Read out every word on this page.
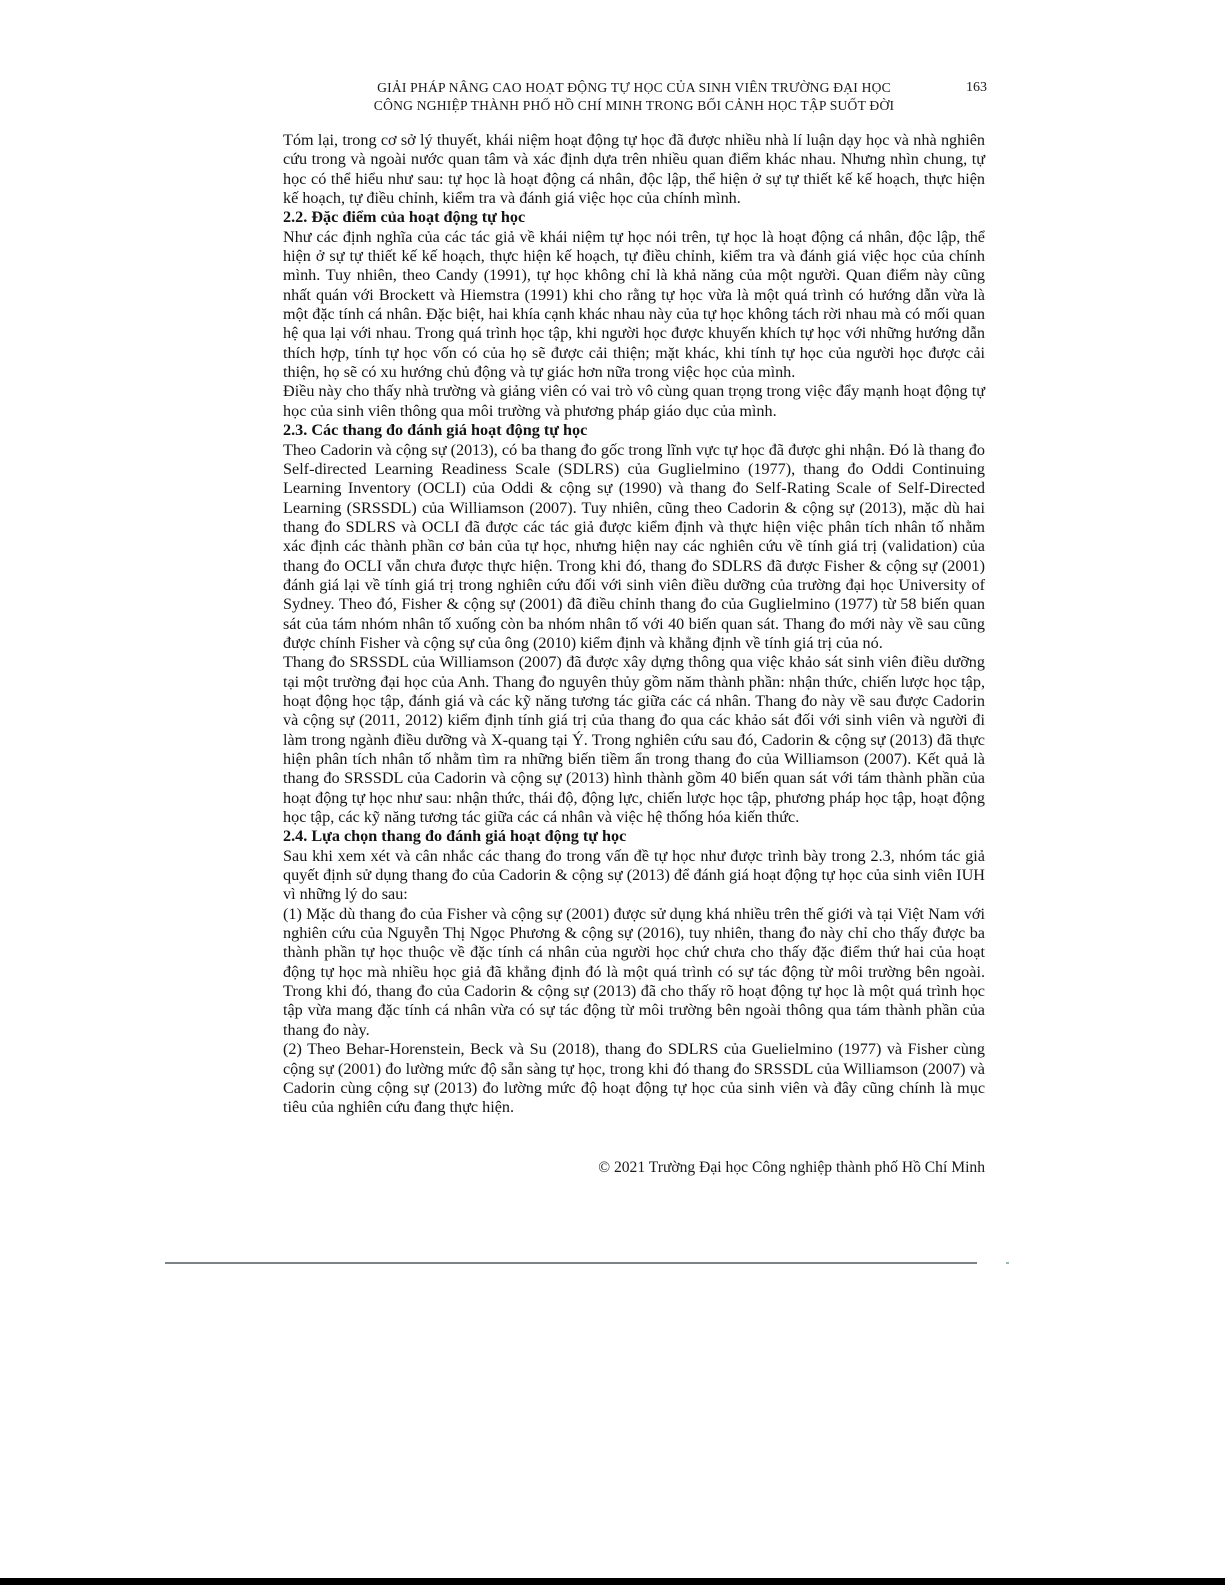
GIẢI PHÁP NÂNG CAO HOẠT ĐỘNG TỰ HỌC CỦA SINH VIÊN TRƯỜNG ĐẠI HỌC
CÔNG NGHIỆP THÀNH PHỐ HỒ CHÍ MINH TRONG BỐI CẢNH HỌC TẬP SUỐT ĐỜI
163

Tóm lại, trong cơ sở lý thuyết, khái niệm hoạt động tự học đã được nhiều nhà lí luận dạy học và nhà nghiên cứu trong và ngoài nước quan tâm và xác định dựa trên nhiều quan điểm khác nhau. Nhưng nhìn chung, tự học có thể hiểu như sau: tự học là hoạt động cá nhân, độc lập, thể hiện ở sự tự thiết kế kế hoạch, thực hiện kế hoạch, tự điều chỉnh, kiểm tra và đánh giá việc học của chính mình.

2.2. Đặc điểm của hoạt động tự học

Như các định nghĩa của các tác giả về khái niệm tự học nói trên, tự học là hoạt động cá nhân, độc lập, thể hiện ở sự tự thiết kế kế hoạch, thực hiện kế hoạch, tự điều chỉnh, kiểm tra và đánh giá việc học của chính mình. Tuy nhiên, theo Candy (1991), tự học không chỉ là khả năng của một người. Quan điểm này cũng nhất quán với Brockett và Hiemstra (1991) khi cho rằng tự học vừa là một quá trình có hướng dẫn vừa là một đặc tính cá nhân. Đặc biệt, hai khía cạnh khác nhau này của tự học không tách rời nhau mà có mối quan hệ qua lại với nhau. Trong quá trình học tập, khi người học được khuyến khích tự học với những hướng dẫn thích hợp, tính tự học vốn có của họ sẽ được cải thiện; mặt khác, khi tính tự học của người học được cải thiện, họ sẽ có xu hướng chủ động và tự giác hơn nữa trong việc học của mình.

Điều này cho thấy nhà trường và giảng viên có vai trò vô cùng quan trọng trong việc đẩy mạnh hoạt động tự học của sinh viên thông qua môi trường và phương pháp giáo dục của mình.

2.3. Các thang đo đánh giá hoạt động tự học

Theo Cadorin và cộng sự (2013), có ba thang đo gốc trong lĩnh vực tự học đã được ghi nhận. Đó là thang đo Self-directed Learning Readiness Scale (SDLRS) của Guglielmino (1977), thang đo Oddi Continuing Learning Inventory (OCLI) của Oddi & cộng sự (1990) và thang đo Self-Rating Scale of Self-Directed Learning (SRSSDL) của Williamson (2007). Tuy nhiên, cũng theo Cadorin & cộng sự (2013), mặc dù hai thang đo SDLRS và OCLI đã được các tác giả được kiểm định và thực hiện việc phân tích nhân tố nhằm xác định các thành phần cơ bản của tự học, nhưng hiện nay các nghiên cứu về tính giá trị (validation) của thang đo OCLI vẫn chưa được thực hiện. Trong khi đó, thang đo SDLRS đã được Fisher & cộng sự (2001) đánh giá lại về tính giá trị trong nghiên cứu đối với sinh viên điều dưỡng của trường đại học University of Sydney. Theo đó, Fisher & cộng sự (2001) đã điều chỉnh thang đo của Guglielmino (1977) từ 58 biến quan sát của tám nhóm nhân tố xuống còn ba nhóm nhân tố với 40 biến quan sát. Thang đo mới này về sau cũng được chính Fisher và cộng sự của ông (2010) kiểm định và khẳng định về tính giá trị của nó.

Thang đo SRSSDL của Williamson (2007) đã được xây dựng thông qua việc khảo sát sinh viên điều dưỡng tại một trường đại học của Anh. Thang đo nguyên thủy gồm năm thành phần: nhận thức, chiến lược học tập, hoạt động học tập, đánh giá và các kỹ năng tương tác giữa các cá nhân. Thang đo này về sau được Cadorin và cộng sự (2011, 2012) kiểm định tính giá trị của thang đo qua các khảo sát đối với sinh viên và người đi làm trong ngành điều dưỡng và X-quang tại Ý. Trong nghiên cứu sau đó, Cadorin & cộng sự (2013) đã thực hiện phân tích nhân tố nhằm tìm ra những biến tiềm ẩn trong thang đo của Williamson (2007). Kết quả là thang đo SRSSDL của Cadorin và cộng sự (2013) hình thành gồm 40 biến quan sát với tám thành phần của hoạt động tự học như sau: nhận thức, thái độ, động lực, chiến lược học tập, phương pháp học tập, hoạt động học tập, các kỹ năng tương tác giữa các cá nhân và việc hệ thống hóa kiến thức.

2.4. Lựa chọn thang đo đánh giá hoạt động tự học

Sau khi xem xét và cân nhắc các thang đo trong vấn đề tự học như được trình bày trong 2.3, nhóm tác giả quyết định sử dụng thang đo của Cadorin & cộng sự (2013) để đánh giá hoạt động tự học của sinh viên IUH vì những lý do sau:

(1) Mặc dù thang đo của Fisher và cộng sự (2001) được sử dụng khá nhiều trên thế giới và tại Việt Nam với nghiên cứu của Nguyễn Thị Ngọc Phương & cộng sự (2016), tuy nhiên, thang đo này chỉ cho thấy được ba thành phần tự học thuộc về đặc tính cá nhân của người học chứ chưa cho thấy đặc điểm thứ hai của hoạt động tự học mà nhiều học giả đã khẳng định đó là một quá trình có sự tác động từ môi trường bên ngoài. Trong khi đó, thang đo của Cadorin & cộng sự (2013) đã cho thấy rõ hoạt động tự học là một quá trình học tập vừa mang đặc tính cá nhân vừa có sự tác động từ môi trường bên ngoài thông qua tám thành phần của thang đo này.

(2) Theo Behar-Horenstein, Beck và Su (2018), thang đo SDLRS của Guelielmino (1977) và Fisher cùng cộng sự (2001) đo lường mức độ sẵn sàng tự học, trong khi đó thang đo SRSSDL của Williamson (2007) và Cadorin cùng cộng sự (2013) đo lường mức độ hoạt động tự học của sinh viên và đây cũng chính là mục tiêu của nghiên cứu đang thực hiện.

© 2021 Trường Đại học Công nghiệp thành phố Hồ Chí Minh
